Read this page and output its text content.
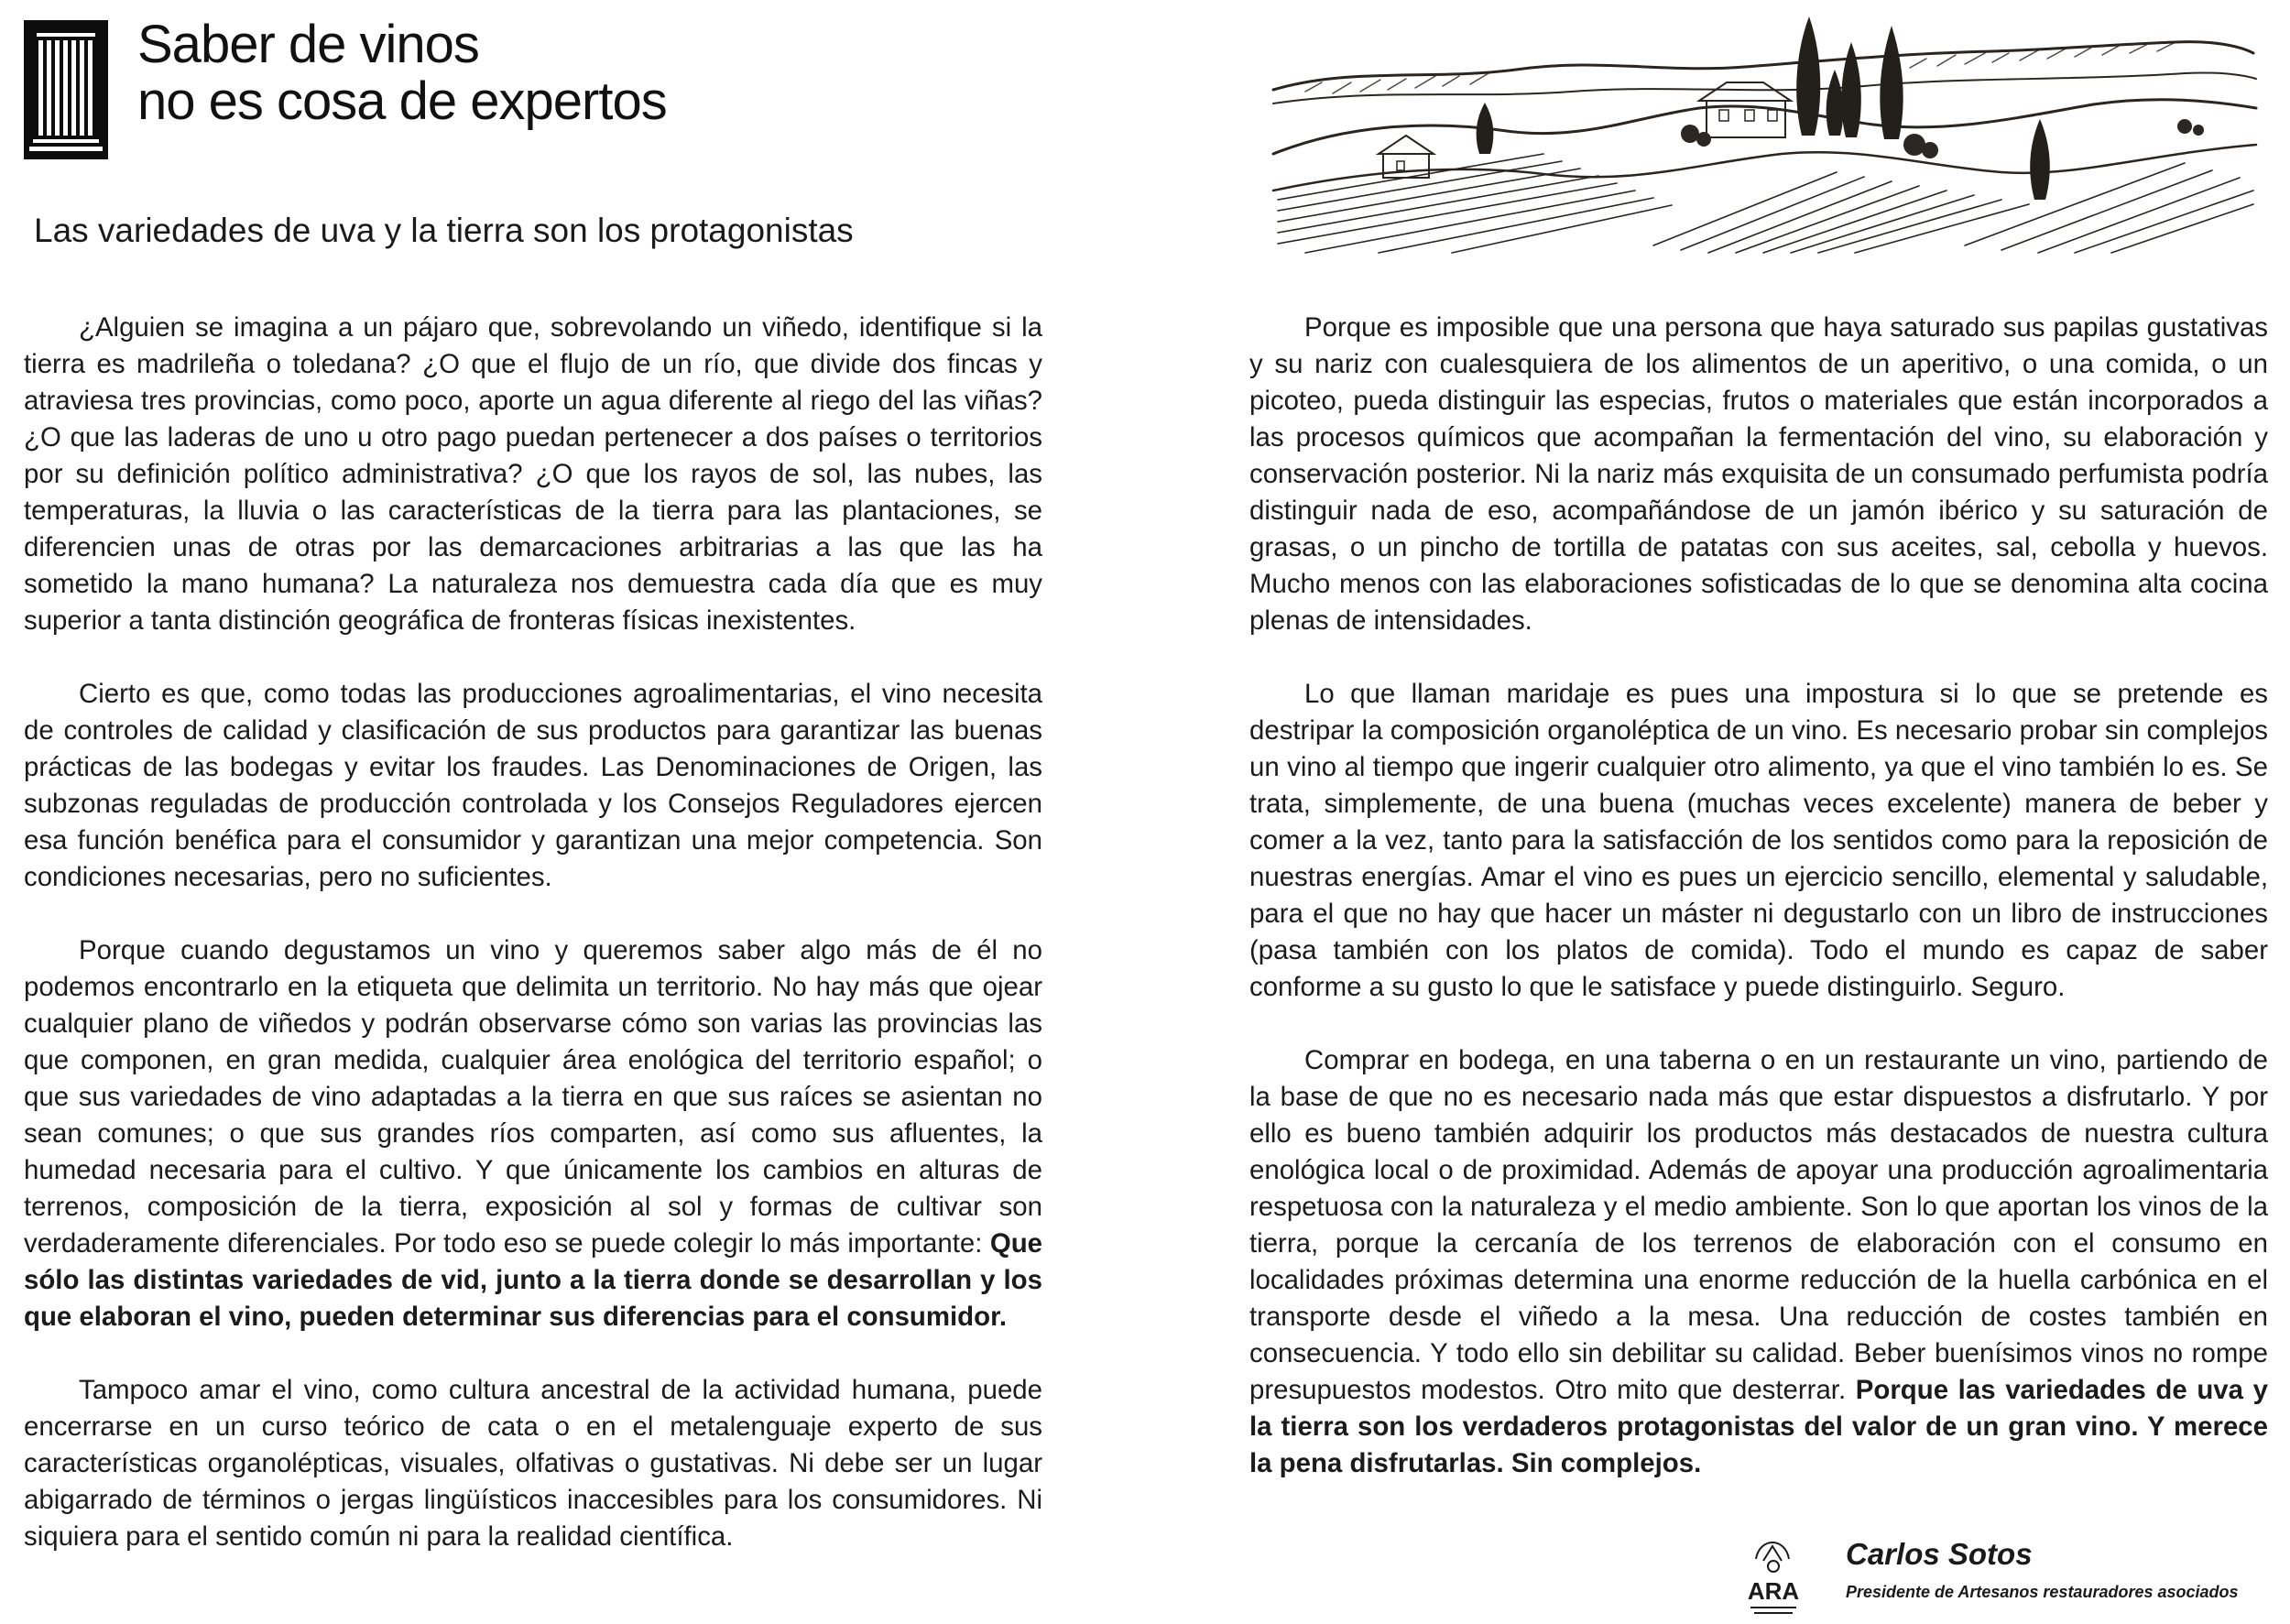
Saber de vinos
no es cosa de expertos
Las variedades de uva y la tierra son los protagonistas

¿Alguien se imagina a un pájaro que, sobrevolando un viñedo, identifique si la tierra es madrileña o toledana? ¿O que el flujo de un río, que divide dos fincas y atraviesa tres provincias, como poco, aporte un agua diferente al riego del las viñas? ¿O que las laderas de uno u otro pago puedan pertenecer a dos países o territorios por su definición político administrativa? ¿O que los rayos de sol, las nubes, las temperaturas, la lluvia o las características de la tierra para las plantaciones, se diferencien unas de otras por las demarcaciones arbitrarias a las que las ha sometido la mano humana? La naturaleza nos demuestra cada día que es muy superior a tanta distinción geográfica de fronteras físicas inexistentes.

Cierto es que, como todas las producciones agroalimentarias, el vino necesita de controles de calidad y clasificación de sus productos para garantizar las buenas prácticas de las bodegas y evitar los fraudes. Las Denominaciones de Origen, las subzonas reguladas de producción controlada y los Consejos Reguladores ejercen esa función benéfica para el consumidor y garantizan una mejor competencia. Son condiciones necesarias, pero no suficientes.

Porque cuando degustamos un vino y queremos saber algo más de él no podemos encontrarlo en la etiqueta que delimita un territorio. No hay más que ojear cualquier plano de viñedos y podrán observarse cómo son varias las provincias las que componen, en gran medida, cualquier área enológica del territorio español; o que sus variedades de vino adaptadas a la tierra en que sus raíces se asientan no sean comunes; o que sus grandes ríos comparten, así como sus afluentes, la humedad necesaria para el cultivo. Y que únicamente los cambios en alturas de terrenos, composición de la tierra, exposición al sol y formas de cultivar son verdaderamente diferenciales. Por todo eso se puede colegir lo más importante: Que sólo las distintas variedades de vid, junto a la tierra donde se desarrollan y los que elaboran el vino, pueden determinar sus diferencias para el consumidor.

Tampoco amar el vino, como cultura ancestral de la actividad humana, puede encerrarse en un curso teórico de cata o en el metalenguaje experto de sus características organolépticas, visuales, olfativas o gustativas. Ni debe ser un lugar abigarrado de términos o jergas lingüísticos inaccesibles para los consumidores. Ni siquiera para el sentido común ni para la realidad científica.

Porque es imposible que una persona que haya saturado sus papilas gustativas y su nariz con cualesquiera de los alimentos de un aperitivo, o una comida, o un picoteo, pueda distinguir las especias, frutos o materiales que están incorporados a las procesos químicos que acompañan la fermentación del vino, su elaboración y conservación posterior. Ni la nariz más exquisita de un consumado perfumista podría distinguir nada de eso, acompañándose de un jamón ibérico y su saturación de grasas, o un pincho de tortilla de patatas con sus aceites, sal, cebolla y huevos. Mucho menos con las elaboraciones sofisticadas de lo que se denomina alta cocina plenas de intensidades.

Lo que llaman maridaje es pues una impostura si lo que se pretende es destripar la composición organoléptica de un vino. Es necesario probar sin complejos un vino al tiempo que ingerir cualquier otro alimento, ya que el vino también lo es. Se trata, simplemente, de una buena (muchas veces excelente) manera de beber y comer a la vez, tanto para la satisfacción de los sentidos como para la reposición de nuestras energías. Amar el vino es pues un ejercicio sencillo, elemental y saludable, para el que no hay que hacer un máster ni degustarlo con un libro de instrucciones (pasa también con los platos de comida). Todo el mundo es capaz de saber conforme a su gusto lo que le satisface y puede distinguirlo. Seguro.

Comprar en bodega, en una taberna o en un restaurante un vino, partiendo de la base de que no es necesario nada más que estar dispuestos a disfrutarlo. Y por ello es bueno también adquirir los productos más destacados de nuestra cultura enológica local o de proximidad. Además de apoyar una producción agroalimentaria respetuosa con la naturaleza y el medio ambiente. Son lo que aportan los vinos de la tierra, porque la cercanía de los terrenos de elaboración con el consumo en localidades próximas determina una enorme reducción de la huella carbónica en el transporte desde el viñedo a la mesa. Una reducción de costes también en consecuencia. Y todo ello sin debilitar su calidad. Beber buenísimos vinos no rompe presupuestos modestos. Otro mito que desterrar. Porque las variedades de uva y la tierra son los verdaderos protagonistas del valor de un gran vino. Y merece la pena disfrutarlas. Sin complejos.

ARA
Carlos Sotos
Presidente de Artesanos restauradores asociados
